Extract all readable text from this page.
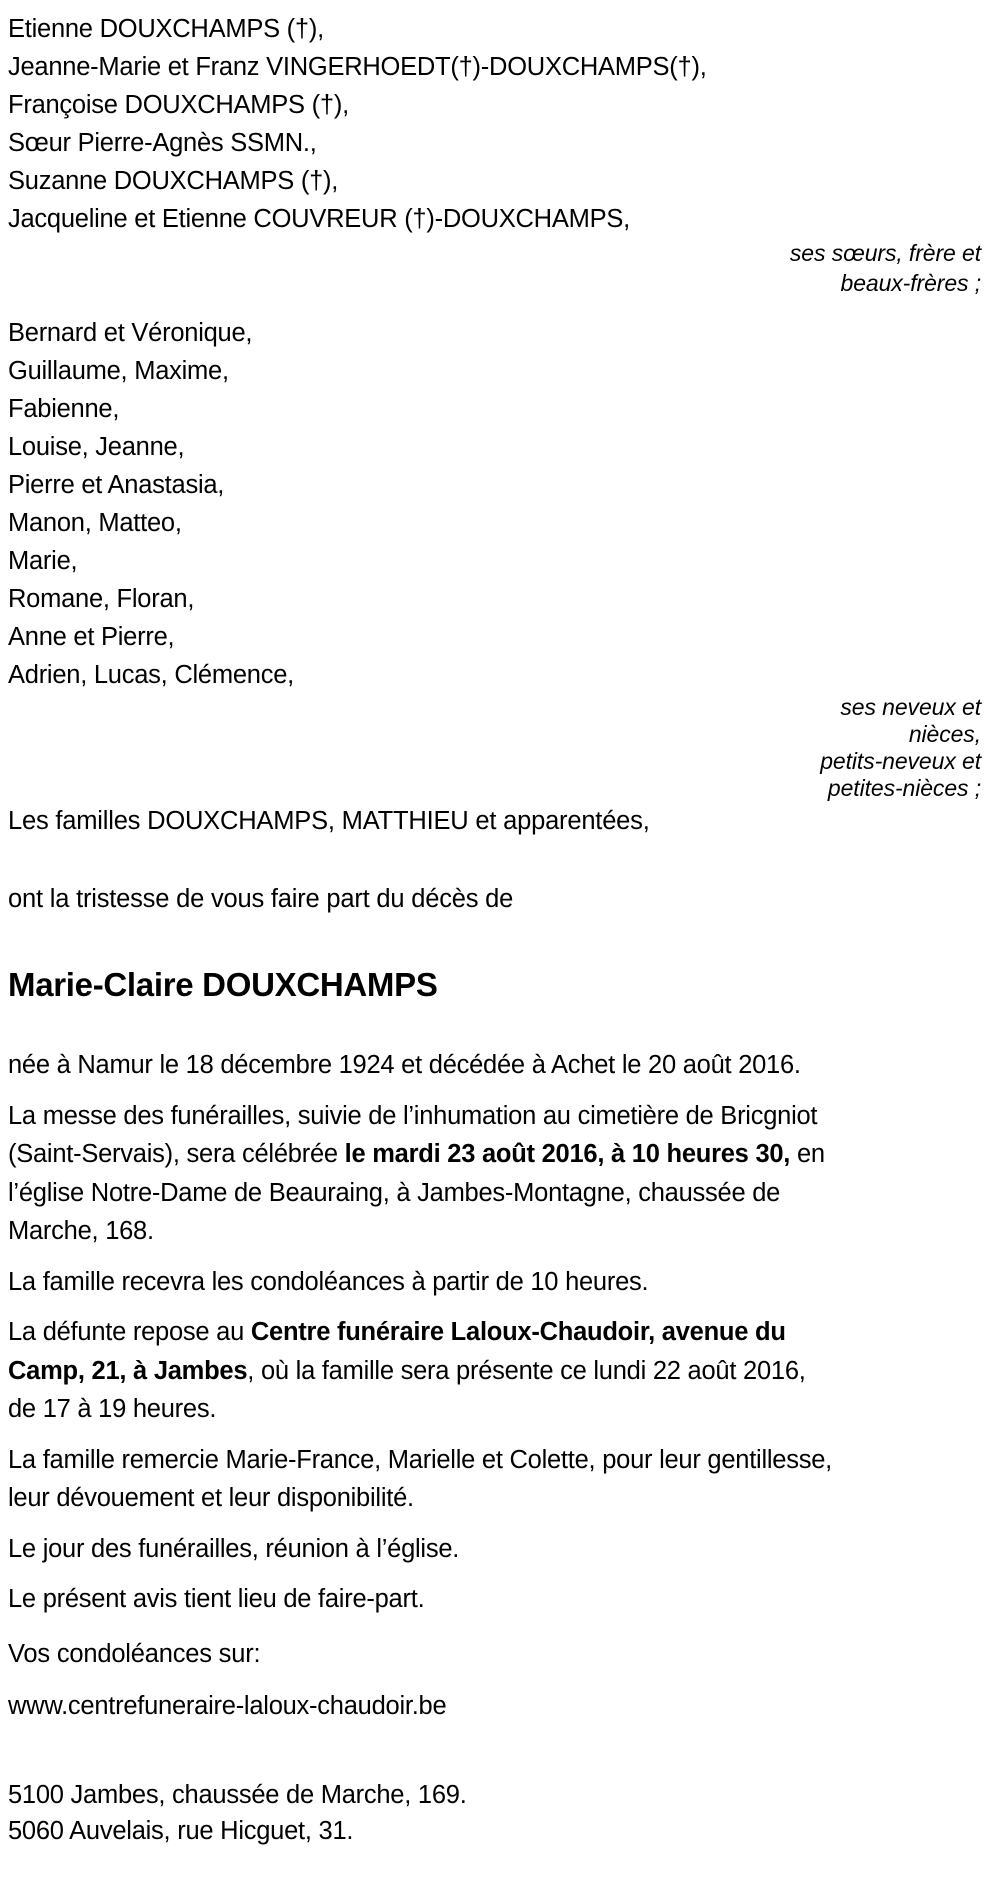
Etienne DOUXCHAMPS (†),
Jeanne-Marie et Franz VINGERHOEDT(†)-DOUXCHAMPS(†),
Françoise DOUXCHAMPS (†),
Sœur Pierre-Agnès SSMN.,
Suzanne DOUXCHAMPS (†),
Jacqueline et Etienne COUVREUR (†)-DOUXCHAMPS,
ses sœurs, frère et
beaux-frères ;
Bernard et Véronique,
Guillaume, Maxime,
Fabienne,
Louise, Jeanne,
Pierre et Anastasia,
Manon, Matteo,
Marie,
Romane, Floran,
Anne et Pierre,
Adrien, Lucas, Clémence,
ses neveux et
nièces,
petits-neveux et
petites-nièces ;
Les familles DOUXCHAMPS, MATTHIEU et apparentées,
ont la tristesse de vous faire part du décès de
Marie-Claire DOUXCHAMPS
née à Namur le 18 décembre 1924 et décédée à Achet le 20 août 2016.
La messe des funérailles, suivie de l’inhumation au cimetière de Bricgniot (Saint-Servais), sera célébrée le mardi 23 août 2016, à 10 heures 30, en l’église Notre-Dame de Beauraing, à Jambes-Montagne, chaussée de Marche, 168.
La famille recevra les condoléances à partir de 10 heures.
La défunte repose au Centre funéraire Laloux-Chaudoir, avenue du Camp, 21, à Jambes, où la famille sera présente ce lundi 22 août 2016, de 17 à 19 heures.
La famille remercie Marie-France, Marielle et Colette, pour leur gentillesse, leur dévouement et leur disponibilité.
Le jour des funérailles, réunion à l’église.
Le présent avis tient lieu de faire-part.
Vos condoléances sur:
www.centrefuneraire-laloux-chaudoir.be
5100 Jambes, chaussée de Marche, 169.
5060 Auvelais, rue Hicguet, 31.
